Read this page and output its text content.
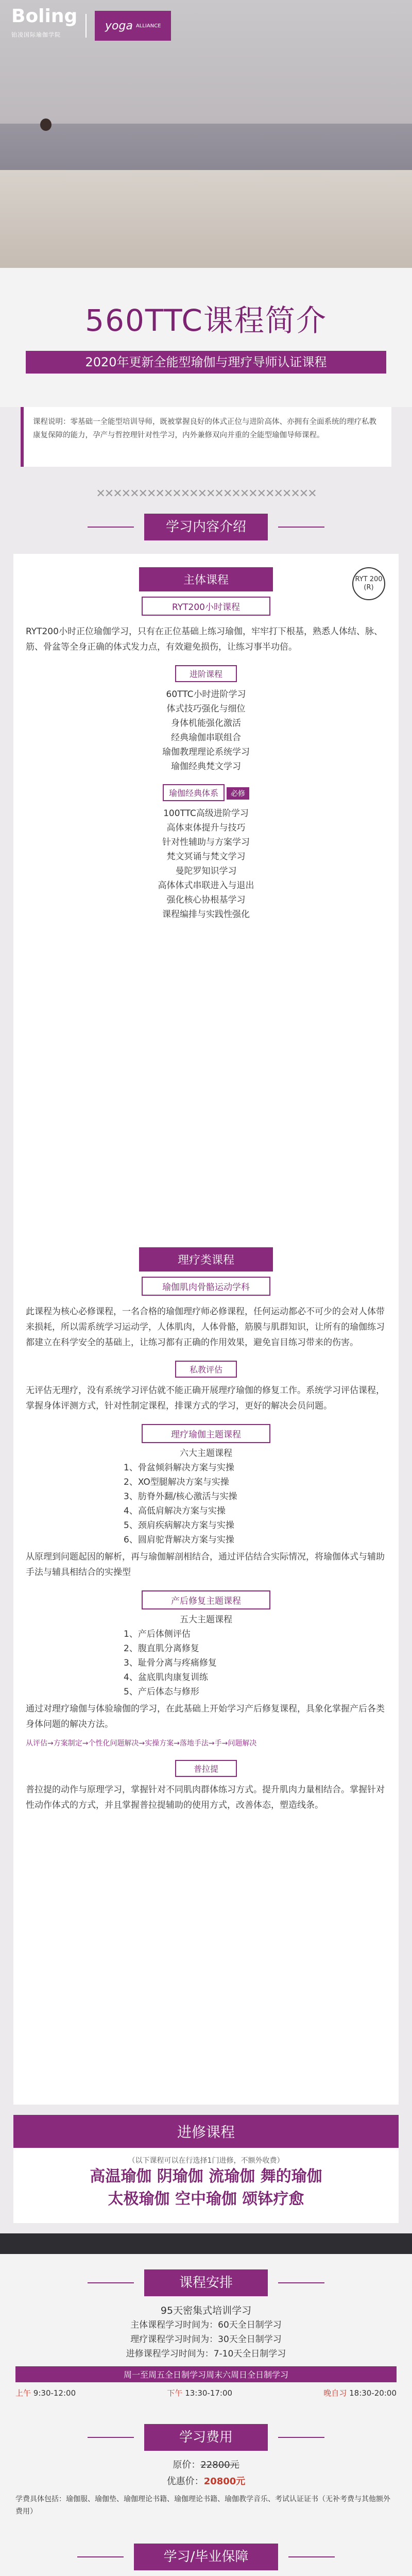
Boling
铂凌国际瑜伽学院
yoga ALLIANCE
560TTC课程简介
2020年更新全能型瑜伽与理疗导师认证课程
课程说明：零基础一全能型培训导师，既被掌握良好的体式正位与进阶高体、亦拥有全面系统的理疗私教康复保障的能力，孕产与哲控理针对性学习，内外兼修双向并重的全能型瑜伽导师课程。
✕✕✕✕✕✕✕✕✕✕✕✕✕✕✕✕✕✕✕✕✕✕✕✕✕✕
学习内容介绍
RYT 200 (R)
主体课程
RYT200小时课程
RYT200小时正位瑜伽学习，只有在正位基础上练习瑜伽，牢牢打下根基，熟悉人体结、脉、筋、骨盆等全身正确的体式发力点，有效避免损伤，让练习事半功倍。
进阶课程
60TTC小时进阶学习
体式技巧强化与细位
身体机能强化激活
经典瑜伽串联组合
瑜伽教理理论系统学习
瑜伽经典梵文学习
瑜伽经典体系 必修
100TTC高级进阶学习
高体束体提升与技巧
针对性辅助与方案学习
梵文冥诵与梵文学习
曼陀罗知识学习
高体体式串联进入与退出
强化核心协根基学习
课程编排与实践性强化
理疗类课程
瑜伽肌肉骨骼运动学科
此课程为核心必修课程，一名合格的瑜伽理疗师必修课程，任何运动都必不可少的会对人体带来损耗，所以需系统学习运动学，人体肌肉，人体骨骼，筋膜与肌群知识，让所有的瑜伽练习都建立在科学安全的基础上，让练习都有正确的作用效果，避免盲目练习带来的伤害。
私教评估
无评估无理疗，没有系统学习评估就不能正确开展理疗瑜伽的修复工作。系统学习评估课程，掌握身体评测方式，针对性制定课程，排课方式的学习，更好的解决会员问题。
理疗瑜伽主题课程
六大主题课程
1、骨盆倾斜解决方案与实操
2、XO型腿解决方案与实操
3、肪脊外翻/核心激活与实操
4、高低肩解决方案与实操
5、颈肩疾病解决方案与实操
6、圆肩驼背解决方案与实操
从原理到问题起因的解析，再与瑜伽解剖相结合，通过评估结合实际情况，将瑜伽体式与辅助手法与辅具相结合的实操型
产后修复主题课程
五大主题课程
1、产后体侧评估
2、腹直肌分离修复
3、耻骨分离与疼痛修复
4、盆底肌肉康复训练
5、产后体态与修形
通过对理疗瑜伽与体验瑜伽的学习，在此基础上开始学习产后修复课程，具象化掌握产后各类身体问题的解决方法。
从评估→方案制定→个性化问题解决→实操方案→落地手法→手→问题解决
普拉提
普拉提的动作与原理学习，掌握针对不同肌肉群体练习方式。提升肌肉力量相结合。掌握针对性动作体式的方式，并且掌握普拉提辅助的使用方式，改善体态，塑造线条。
进修课程
（以下课程可以在行选择1门进修，不额外收费）
高温瑜伽 阴瑜伽 流瑜伽 舞的瑜伽
太极瑜伽 空中瑜伽 颂钵疗愈
课程安排
95天密集式培训学习
主体课程学习时间为：60天全日制学习
理疗课程学习时间为：30天全日制学习
进修课程学习时间为：7-10天全日制学习
周一至周五全日制学习周末六周日全日制学习
上午 9:30-12:00	下午 13:30-17:00	晚自习 18:30-20:00
学习费用
原价：22800元
优惠价：20800元
学费具体包括：瑜伽服、瑜伽垫、瑜伽理论书籍、瑜伽理论书籍、瑜伽教学音乐、考试认证证书（无补考费与其他额外费用）
学习/毕业保障
